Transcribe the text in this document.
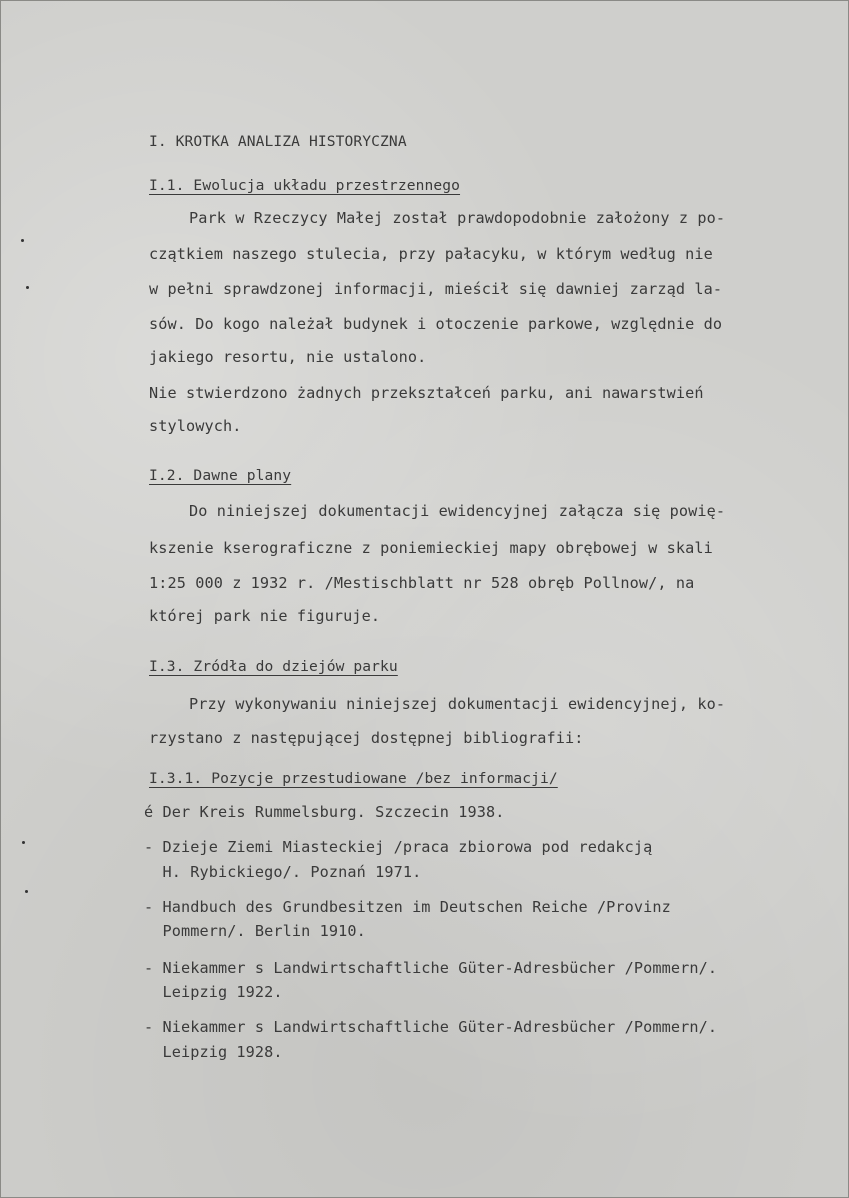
I. KROTKA ANALIZA HISTORYCZNA
I.1. Ewolucja układu przestrzennego
Park w Rzeczycy Małej został prawdopodobnie założony z po-
czątkiem naszego stulecia, przy pałacyku, w którym według nie
w pełni sprawdzonej informacji, mieścił się dawniej zarząd la-
sów. Do kogo należał budynek i otoczenie parkowe, względnie do
jakiego resortu, nie ustalono.
Nie stwierdzono żadnych przekształceń parku, ani nawarstwień
stylowych.
I.2. Dawne plany
Do niniejszej dokumentacji ewidencyjnej załącza się powię-
kszenie kserograficzne z poniemieckiej mapy obrębowej w skali
1:25 000 z 1932 r. /Mestischblatt nr 528 obręb Pollnow/, na
której park nie figuruje.
I.3. Zródła do dziejów parku
Przy wykonywaniu niniejszej dokumentacji ewidencyjnej, ko-
rzystano z następującej dostępnej bibliografii:
I.3.1. Pozycje przestudiowane /bez informacji/
é Der Kreis Rummelsburg. Szczecin 1938.
- Dzieje Ziemi Miasteckiej /praca zbiorowa pod redakcją
H. Rybickiego/. Poznań 1971.
- Handbuch des Grundbesitzen im Deutschen Reiche /Provinz
Pommern/. Berlin 1910.
- Niekammer s Landwirtschaftliche Güter-Adresbücher /Pommern/.
Leipzig 1922.
- Niekammer s Landwirtschaftliche Güter-Adresbücher /Pommern/.
Leipzig 1928.
